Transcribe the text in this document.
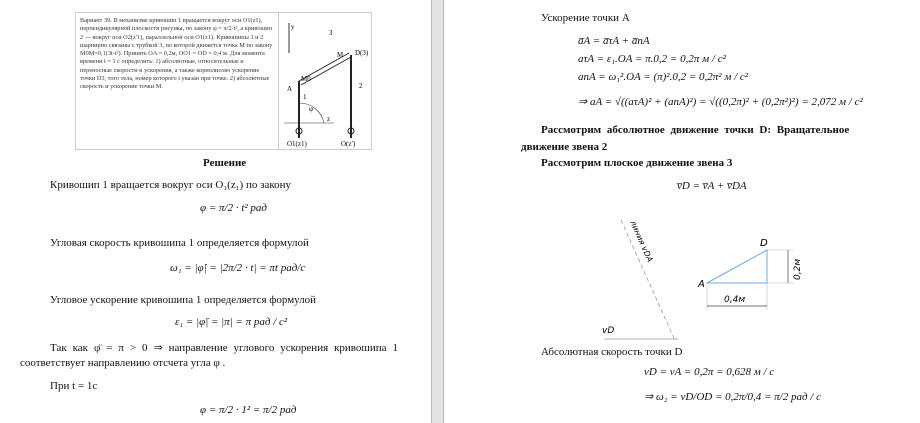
Вариант 39. В механизме кривошип 1 вращается вокруг оси O1(z1), перпендикулярной плоскости рисунка, по закону φ = π/2·t², а кривошип 2 — вокруг оси O2(z′1), параллельной оси O1(z1). Кривошипы 1 и 2 шарнирно связаны с трубкой 3, по которой движется точка M по закону M0M=0,1(3t-t²). Принять OA = 0,2м, OO1 = OD = 0,4 м. Для момента времени t = 1 с определить: 1) абсолютные, относительные и переносные скорости и ускорения, а также кориолисово ускорение точки D3, того тела, номер которого i указан при точке. 2) абсолютные скорость и ускорение точки M.
y
3
M D(3)
A
M0
1
2
φ
z
O1(z1)	O(z′)
Решение
Кривошип 1 вращается вокруг оси O₁(z₁) по закону
φ = π/2 · t² рад
Угловая скорость кривошипа 1 определяется формулой
ω₁ = |φ̇| = |2π/2 · t| = πt рад/с
Угловое ускорение кривошипа 1 определяется формулой
ε₁ = |φ̈| = |π| = π рад / с²
Так как φ̈ = π > 0 ⇒ направление углового ускорения кривошипа 1
соответствует направлению отсчета угла φ .
При t = 1с
φ = π/2 · 1² = π/2 рад
Ускорение точки А
a̅A = a̅τA + a̅nA
aτA = ε₁.OA = π.0,2 = 0,2π м / с²
anA = ω₁².OA = (π)².0,2 = 0,2π² м / с²
⇒ aA = √((aτA)² + (anA)²) = √((0,2π)² + (0,2π²)²) = 2,072 м / с²
Рассмотрим абсолютное движение точки D: Вращательное
движение звена 2
Рассмотрим плоское движение звена 3
v̅D = v̅A + v̅DA
D
A
0,2м
0,4м
линия vDA
vD
Абсолютная скорость точки D
vD = vA = 0,2π = 0,628 м / с
⇒ ω₂ = vD/OD = 0,2π/0,4 = π/2 рад / с
